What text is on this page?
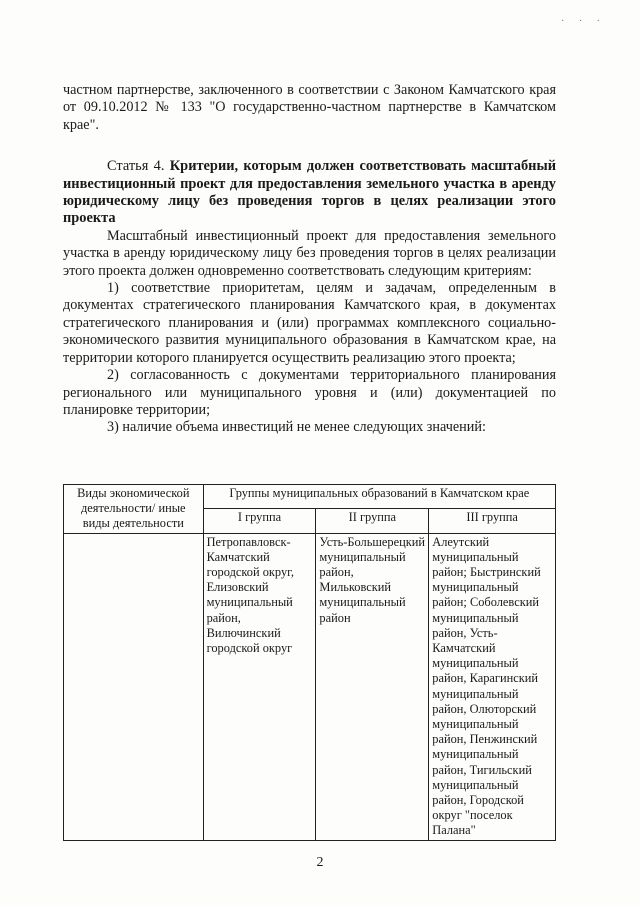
· · ·

частном партнерстве, заключенного в соответствии с Законом Камчатского края от 09.10.2012 № 133 "О государственно-частном партнерстве в Камчатском крае".

Статья 4. Критерии, которым должен соответствовать масштабный инвестиционный проект для предоставления земельного участка в аренду юридическому лицу без проведения торгов в целях реализации этого проекта

Масштабный инвестиционный проект для предоставления земельного участка в аренду юридическому лицу без проведения торгов в целях реализации этого проекта должен одновременно соответствовать следующим критериям:

1) соответствие приоритетам, целям и задачам, определенным в документах стратегического планирования Камчатского края, в документах стратегического планирования и (или) программах комплексного социально-экономического развития муниципального образования в Камчатском крае, на территории которого планируется осуществить реализацию этого проекта;

2) согласованность с документами территориального планирования регионального или муниципального уровня и (или) документацией по планировке территории;

3) наличие объема инвестиций не менее следующих значений:

Виды экономической деятельности/ иные виды деятельности	Группы муниципальных образований в Камчатском крае		
	I группа	II группа	III группа
	Петропавловск-Камчатский городской округ, Елизовский муниципальный район, Вилючинский городской округ	Усть-Большерецкий муниципальный район, Мильковский муниципальный район	Алеутский муниципальный район; Быстринский муниципальный район; Соболевский муниципальный район, Усть-Камчатский муниципальный район, Карагинский муниципальный район, Олюторский муниципальный район, Пенжинский муниципальный район, Тигильский муниципальный район, Городской округ "поселок Палана"
2
